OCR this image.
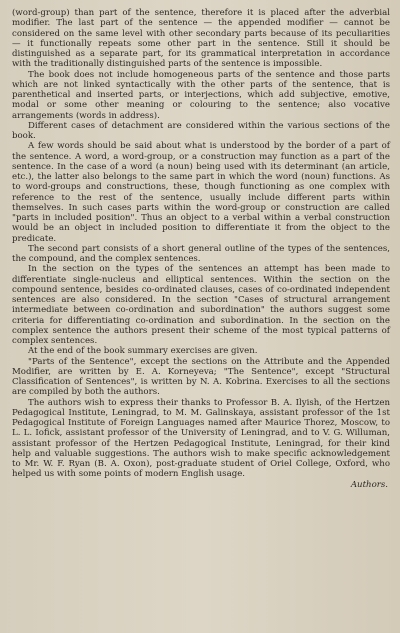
(word-group) than part of the sentence, therefore it is placed after the adverbial modifier. The last part of the sentence — the appended modifier — cannot be considered on the same level with other secondary parts because of its peculiarities — it functionally repeats some other part in the sentence. Still it should be distinguished as a separate part, for its grammatical interpretation in accordance with the traditionally distinguished parts of the sentence is impossible.

The book does not include homogeneous parts of the sentence and those parts which are not linked syntactically with the other parts of the sentence, that is parenthetical and inserted parts, or interjections, which add subjective, emotive, modal or some other meaning or colouring to the sentence; also vocative arrangements (words in address).

Different cases of detachment are considered within the various sections of the book.

A few words should be said about what is understood by the border of a part of the sentence. A word, a word-group, or a construction may function as a part of the sentence. In the case of a word (a noun) being used with its determinant (an article, etc.), the latter also belongs to the same part in which the word (noun) functions. As to word-groups and constructions, these, though functioning as one complex with reference to the rest of the sentence, usually include different parts within themselves. In such cases parts within the word-group or construction are called "parts in included position". Thus an object to a verbal within a verbal construction would be an object in included position to differentiate it from the object to the predicate.

The second part consists of a short general outline of the types of the sentences, the compound, and the complex sentences.

In the section on the types of the sentences an attempt has been made to differentiate single-nucleus and elliptical sentences. Within the section on the compound sentence, besides co-ordinated clauses, cases of co-ordinated independent sentences are also considered. In the section "Cases of structural arrangement intermediate between co-ordination and subordination" the authors suggest some criteria for differentiating co-ordination and subordination. In the section on the complex sentence the authors present their scheme of the most typical patterns of complex sentences.

At the end of the book summary exercises are given.

"Parts of the Sentence", except the sections on the Attribute and the Appended Modifier, are written by E. A. Korneyeva; "The Sentence", except "Structural Classification of Sentences", is written by N. A. Kobrina. Exercises to all the sections are compiled by both the authors.

The authors wish to express their thanks to Professor B. A. Ilyish, of the Hertzen Pedagogical Institute, Leningrad, to M. M. Galinskaya, assistant professor of the 1st Pedagogical Institute of Foreign Languages named after Maurice Thorez, Moscow, to L. L. Iofick, assistant professor of the University of Leningrad, and to V. G. Willuman, assistant professor of the Hertzen Pedagogical Institute, Leningrad, for their kind help and valuable suggestions. The authors wish to make specific acknowledgement to Mr. W. F. Ryan (B. A. Oxon), post-graduate student of Oriel College, Oxford, who helped us with some points of modern English usage.

Authors.
